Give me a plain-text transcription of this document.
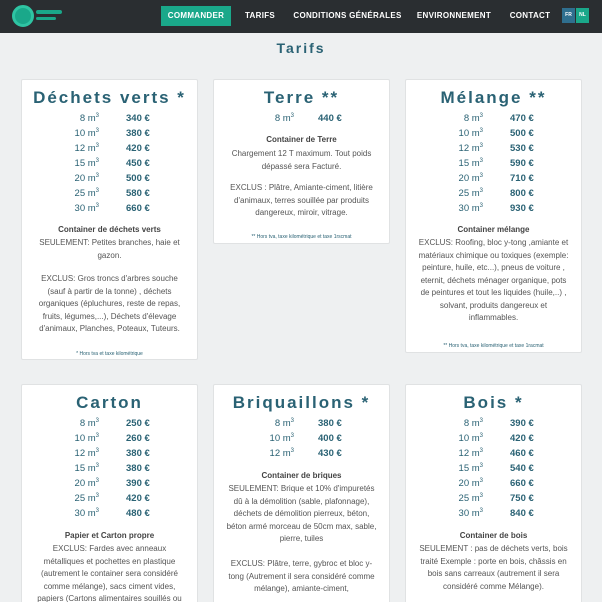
COMMANDER	TARIFS	CONDITIONS GÉNÉRALES	ENVIRONNEMENT	CONTACT	FR	NL
Tarifs
Déchets verts *
8 $m^3$	340 €
10 $m^3$	380 €
12 $m^3$	420 €
15 $m^3$	450 €
20 $m^3$	500 €
25 $m^3$	580 €
30 $m^3$	660 €
Container de déchets verts
SEULEMENT: Petites branches, haie et gazon.
EXCLUS: Gros troncs d'arbres souche (sauf à partir de la tonne) , déchets organiques (épluchures, reste de repas, fruits, légumes,...), Déchets d'élevage d'animaux, Planches, Poteaux, Tuteurs.
* Hors tva et taxe kilométrique
Terre **
8 $m^3$	440 €
Container de Terre
Chargement 12 T maximum. Tout poids dépassé sera Facturé.
EXCLUS : Plâtre, Amiante-ciment, litière d'animaux, terres souillée par produits dangereux, miroir, vitrage.
** Hors tva, taxe kilométrique et taxe 1rscmat
Mélange **
8 $m^3$	470 €
10 $m^3$	500 €
12 $m^3$	530 €
15 $m^3$	590 €
20 $m^3$	710 €
25 $m^3$	800 €
30 $m^3$	930 €
Container mélange
EXCLUS: Roofing, bloc y-tong ,amiante et matériaux chimique ou toxiques (exemple: peinture, huile, etc...), pneus de voiture , eternit, déchets ménager organique, pots de peintures et tout les liquides (huile,..) , solvant, produits dangereux et inflammables.
** Hors tva, taxe kilométrique et taxe 1racmat
Carton
8 $m^3$	250 €
10 $m^3$	260 €
12 $m^3$	380 €
15 $m^3$	380 €
20 $m^3$	390 €
25 $m^3$	420 €
30 $m^3$	480 €
Papier et Carton propre
EXCLUS: Fardes avec anneaux métalliques et pochettes en plastique (autrement le container sera considéré comme mélange), sacs ciment vides, papiers (Cartons alimentaires souillés ou
Briquaillons *
8 $m^3$	380 €
10 $m^3$	400 €
12 $m^3$	430 €
Container de briques
SEULEMENT: Brique et 10% d'impuretés dû à la démolition (sable, plafonnage), déchets de démolition pierreux, béton, béton armé morceau de 50cm max, sable, pierre, tuiles
EXCLUS: Plâtre, terre, gybroc et bloc y-tong (Autrement il sera considéré comme mélange), amiante-ciment,
Bois *
8 $m^3$	390 €
10 $m^3$	420 €
12 $m^3$	460 €
15 $m^3$	540 €
20 $m^3$	660 €
25 $m^3$	750 €
30 $m^3$	840 €
Container de bois
SEULEMENT : pas de déchets verts, bois traité Exemple : porte en bois, châssis en bois sans carreaux (autrement il sera considéré comme Mélange).
